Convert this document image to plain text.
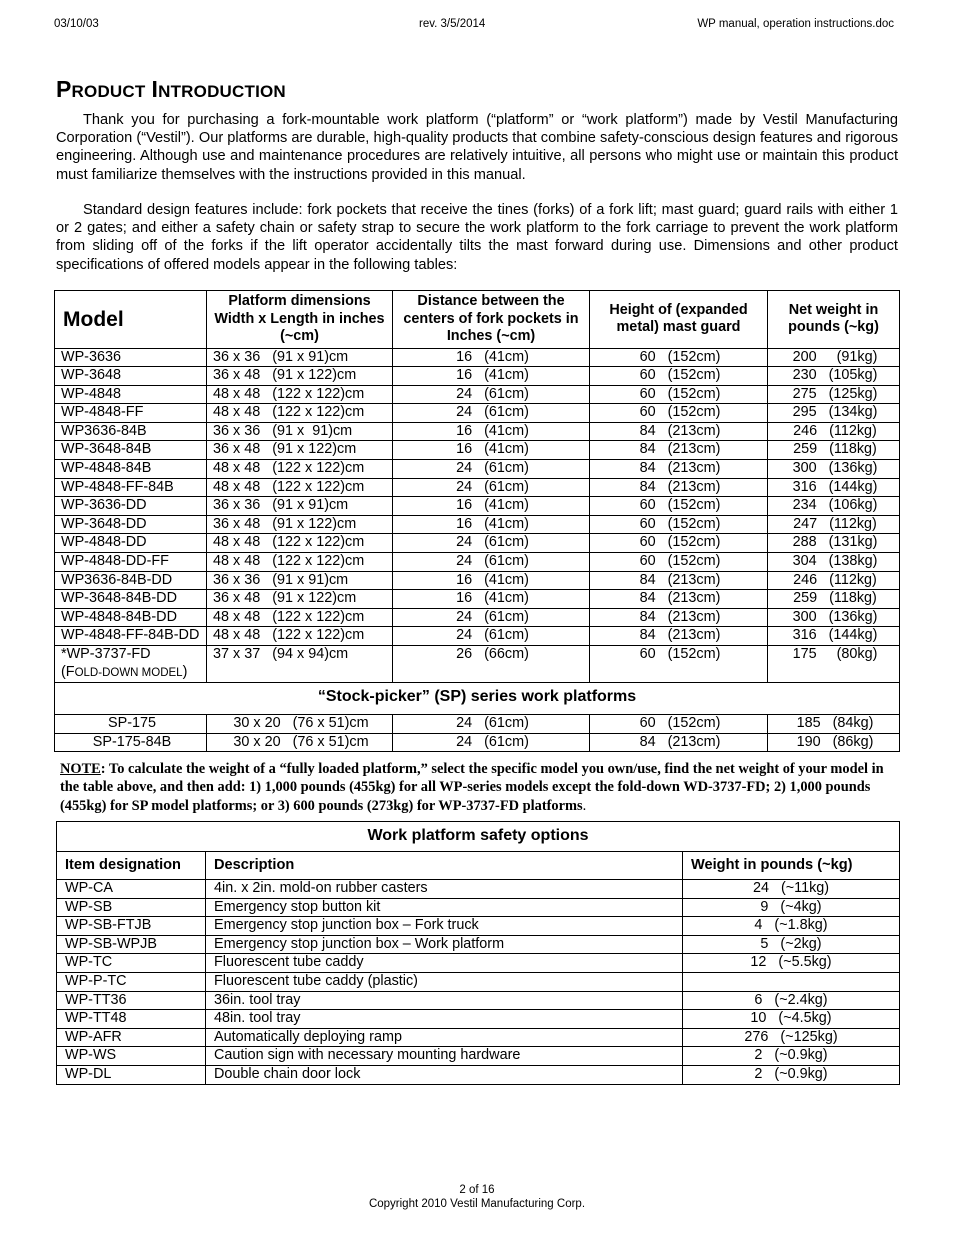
03/10/03	rev. 3/5/2014	WP manual, operation instructions.doc
PRODUCT INTRODUCTION

Thank you for purchasing a fork-mountable work platform (“platform” or “work platform”) made by Vestil Manufacturing Corporation (“Vestil”). Our platforms are durable, high-quality products that combine safety-conscious design features and rigorous engineering. Although use and maintenance procedures are relatively intuitive, all persons who might use or maintain this product must familiarize themselves with the instructions provided in this manual.

Standard design features include: fork pockets that receive the tines (forks) of a fork lift; mast guard; guard rails with either 1 or 2 gates; and either a safety chain or safety strap to secure the work platform to the fork carriage to prevent the work platform from sliding off of the forks if the lift operator accidentally tilts the mast forward during use. Dimensions and other product specifications of offered models appear in the following tables:

Model	Platform dimensions Width x Length in inches (~cm)	Distance between the centers of fork pockets in Inches (~cm)	Height of (expanded metal) mast guard	Net weight in pounds (~kg)
WP-3636	36 x 36   (91 x 91)cm	16   (41cm)	60   (152cm)	200     (91kg)
WP-3648	36 x 48   (91 x 122)cm	16   (41cm)	60   (152cm)	230   (105kg)
WP-4848	48 x 48   (122 x 122)cm	24   (61cm)	60   (152cm)	275   (125kg)
WP-4848-FF	48 x 48   (122 x 122)cm	24   (61cm)	60   (152cm)	295   (134kg)
WP3636-84B	36 x 36   (91 x  91)cm	16   (41cm)	84   (213cm)	246   (112kg)
WP-3648-84B	36 x 48   (91 x 122)cm	16   (41cm)	84   (213cm)	259   (118kg)
WP-4848-84B	48 x 48   (122 x 122)cm	24   (61cm)	84   (213cm)	300   (136kg)
WP-4848-FF-84B	48 x 48   (122 x 122)cm	24   (61cm)	84   (213cm)	316   (144kg)
WP-3636-DD	36 x 36   (91 x 91)cm	16   (41cm)	60   (152cm)	234   (106kg)
WP-3648-DD	36 x 48   (91 x 122)cm	16   (41cm)	60   (152cm)	247   (112kg)
WP-4848-DD	48 x 48   (122 x 122)cm	24   (61cm)	60   (152cm)	288   (131kg)
WP-4848-DD-FF	48 x 48   (122 x 122)cm	24   (61cm)	60   (152cm)	304   (138kg)
WP3636-84B-DD	36 x 36   (91 x 91)cm	16   (41cm)	84   (213cm)	246   (112kg)
WP-3648-84B-DD	36 x 48   (91 x 122)cm	16   (41cm)	84   (213cm)	259   (118kg)
WP-4848-84B-DD	48 x 48   (122 x 122)cm	24   (61cm)	84   (213cm)	300   (136kg)
WP-4848-FF-84B-DD	48 x 48   (122 x 122)cm	24   (61cm)	84   (213cm)	316   (144kg)
*WP-3737-FD
(FOLD-DOWN MODEL)	37 x 37   (94 x 94)cm	26   (66cm)	60   (152cm)	175     (80kg)
“Stock-picker” (SP) series work platforms				
SP-175	30 x 20   (76 x 51)cm	24   (61cm)	60   (152cm)	185   (84kg)
SP-175-84B	30 x 20   (76 x 51)cm	24   (61cm)	84   (213cm)	190   (86kg)
NOTE: To calculate the weight of a “fully loaded platform,” select the specific model you own/use, find the net weight of your model in the table above, and then add: 1) 1,000 pounds (455kg) for all WP-series models except the fold-down WD-3737-FD; 2) 1,000 pounds (455kg) for SP model platforms; or 3) 600 pounds (273kg) for WP-3737-FD platforms.
Work platform safety options		
Item designation	Description	Weight in pounds (~kg)
WP-CA	4in. x 2in. mold-on rubber casters	24   (~11kg)
WP-SB	Emergency stop button kit	9   (~4kg)
WP-SB-FTJB	Emergency stop junction box – Fork truck	4   (~1.8kg)
WP-SB-WPJB	Emergency stop junction box – Work platform	5   (~2kg)
WP-TC	Fluorescent tube caddy	12   (~5.5kg)
WP-P-TC	Fluorescent tube caddy (plastic)	
WP-TT36	36in. tool tray	6   (~2.4kg)
WP-TT48	48in. tool tray	10   (~4.5kg)
WP-AFR	Automatically deploying ramp	276   (~125kg)
WP-WS	Caution sign with necessary mounting hardware	2   (~0.9kg)
WP-DL	Double chain door lock	2   (~0.9kg)
2 of 16
Copyright 2010 Vestil Manufacturing Corp.
